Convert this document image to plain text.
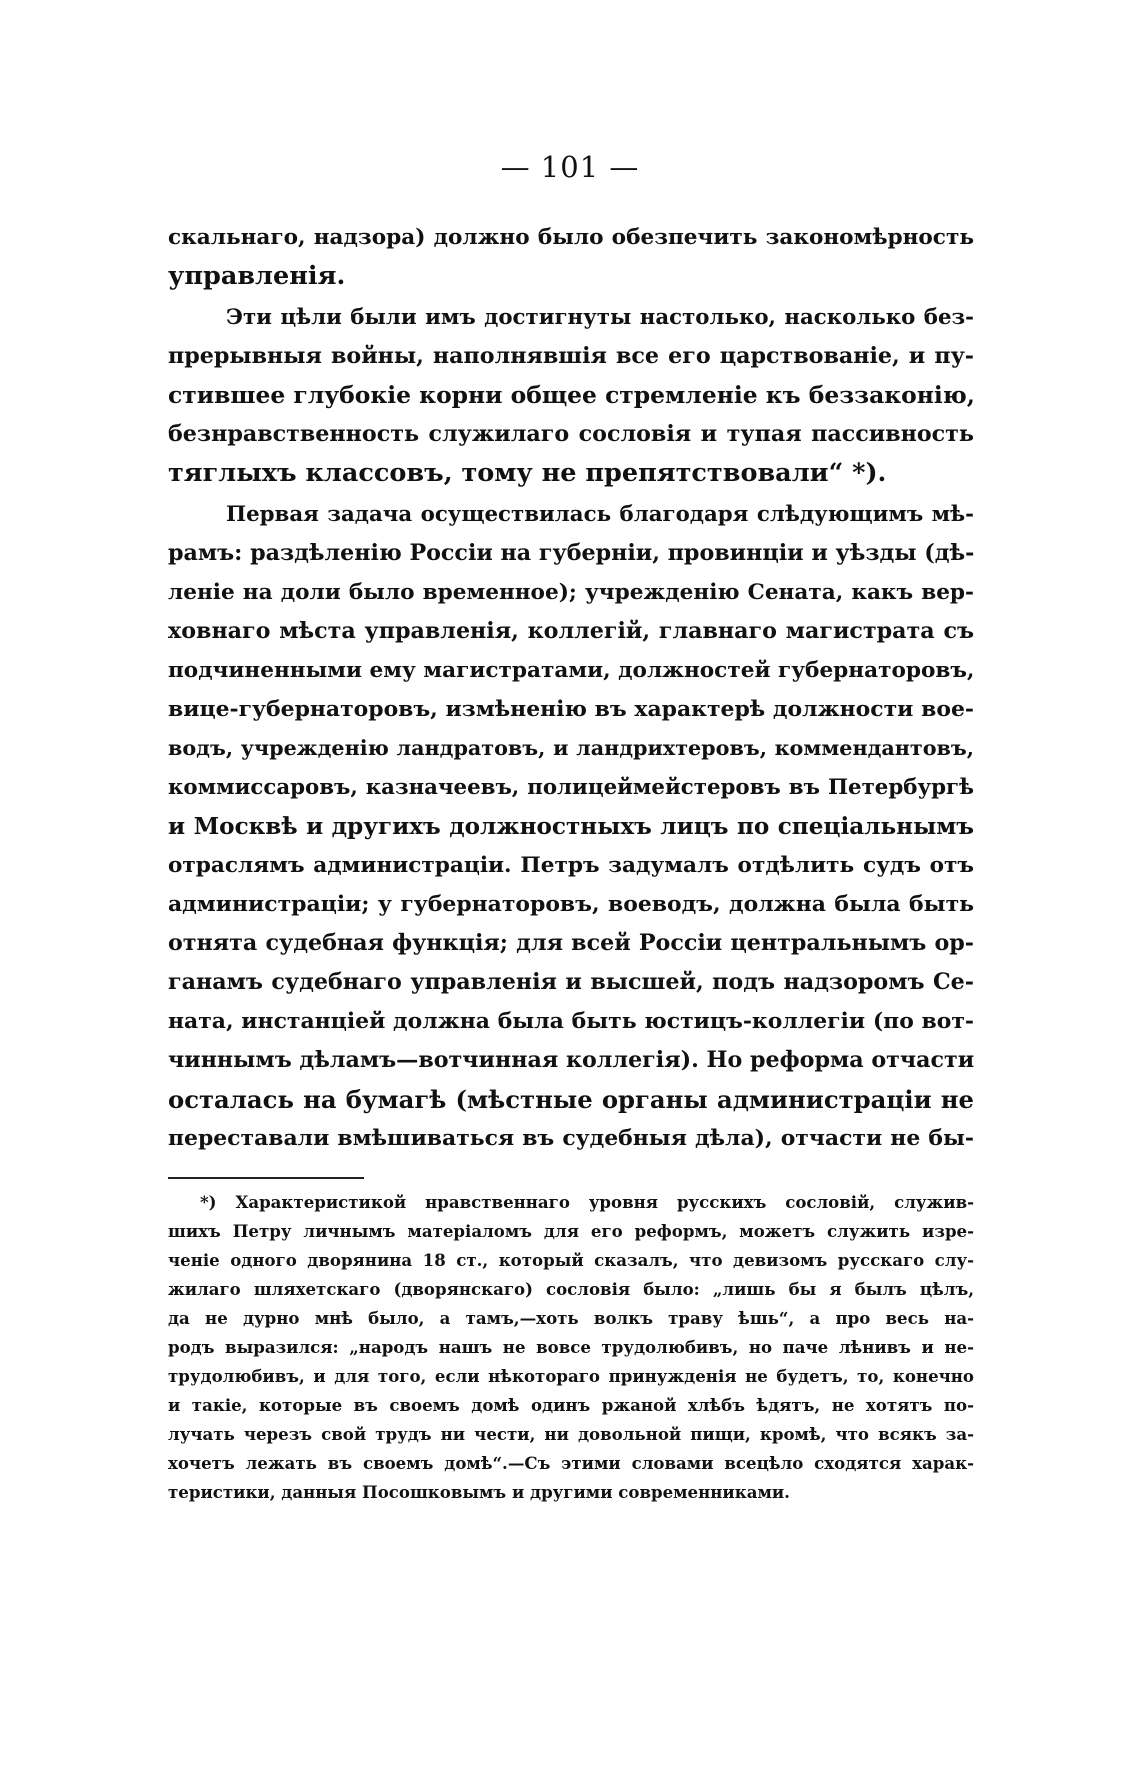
— 101 —
скальнаго, надзора) должно было обезпечить закономѣрность
управленія.
Эти цѣли были имъ достигнуты настолько, насколько без-
прерывныя войны, наполнявшія все его царствованіе, и пу-
стившее глубокіе корни общее стремленіе къ беззаконію,
безнравственность служилаго сословія и тупая пассивность
тяглыхъ классовъ, тому не препятствовали“ *).
Первая задача осуществилась благодаря слѣдующимъ мѣ-
рамъ: раздѣленію Россіи на губерніи, провинціи и уѣзды (дѣ-
леніе на доли было временное); учрежденію Сената, какъ вер-
ховнаго мѣста управленія, коллегій, главнаго магистрата съ
подчиненными ему магистратами, должностей губернаторовъ,
вице-губернаторовъ, измѣненію въ характерѣ должности вое-
водъ, учрежденію ландратовъ, и ландрихтеровъ, коммендантовъ,
коммиссаровъ, казначеевъ, полицеймейстеровъ въ Петербургѣ
и Москвѣ и другихъ должностныхъ лицъ по спеціальнымъ
отраслямъ администраціи. Петръ задумалъ отдѣлить судъ отъ
администраціи; у губернаторовъ, воеводъ, должна была быть
отнята судебная функція; для всей Россіи центральнымъ ор-
ганамъ судебнаго управленія и высшей, подъ надзоромъ Се-
ната, инстанціей должна была быть юстицъ-коллегіи (по вот-
чиннымъ дѣламъ—вотчинная коллегія). Но реформа отчасти
осталась на бумагѣ (мѣстные органы администраціи не
переставали вмѣшиваться въ судебныя дѣла), отчасти не бы-
*) Характеристикой нравственнаго уровня русскихъ сословій, служив-
шихъ Петру личнымъ матеріаломъ для его реформъ, можетъ служить изре-
ченіе одного дворянина 18 ст., который сказалъ, что девизомъ русскаго слу-
жилаго шляхетскаго (дворянскаго) сословія было: „лишь бы я былъ цѣлъ,
да не дурно мнѣ было, а тамъ,—хоть волкъ траву ѣшь“, а про весь на-
родъ выразился: „народъ нашъ не вовсе трудолюбивъ, но паче лѣнивъ и не-
трудолюбивъ, и для того, если нѣкотораго принужденія не будетъ, то, конечно
и такіе, которые въ своемъ домѣ одинъ ржаной хлѣбъ ѣдятъ, не хотятъ по-
лучать черезъ свой трудъ ни чести, ни довольной пищи, кромѣ, что всякъ за-
хочетъ лежать въ своемъ домѣ“.—Съ этими словами всецѣло сходятся харак-
теристики, данныя Посошковымъ и другими современниками.
